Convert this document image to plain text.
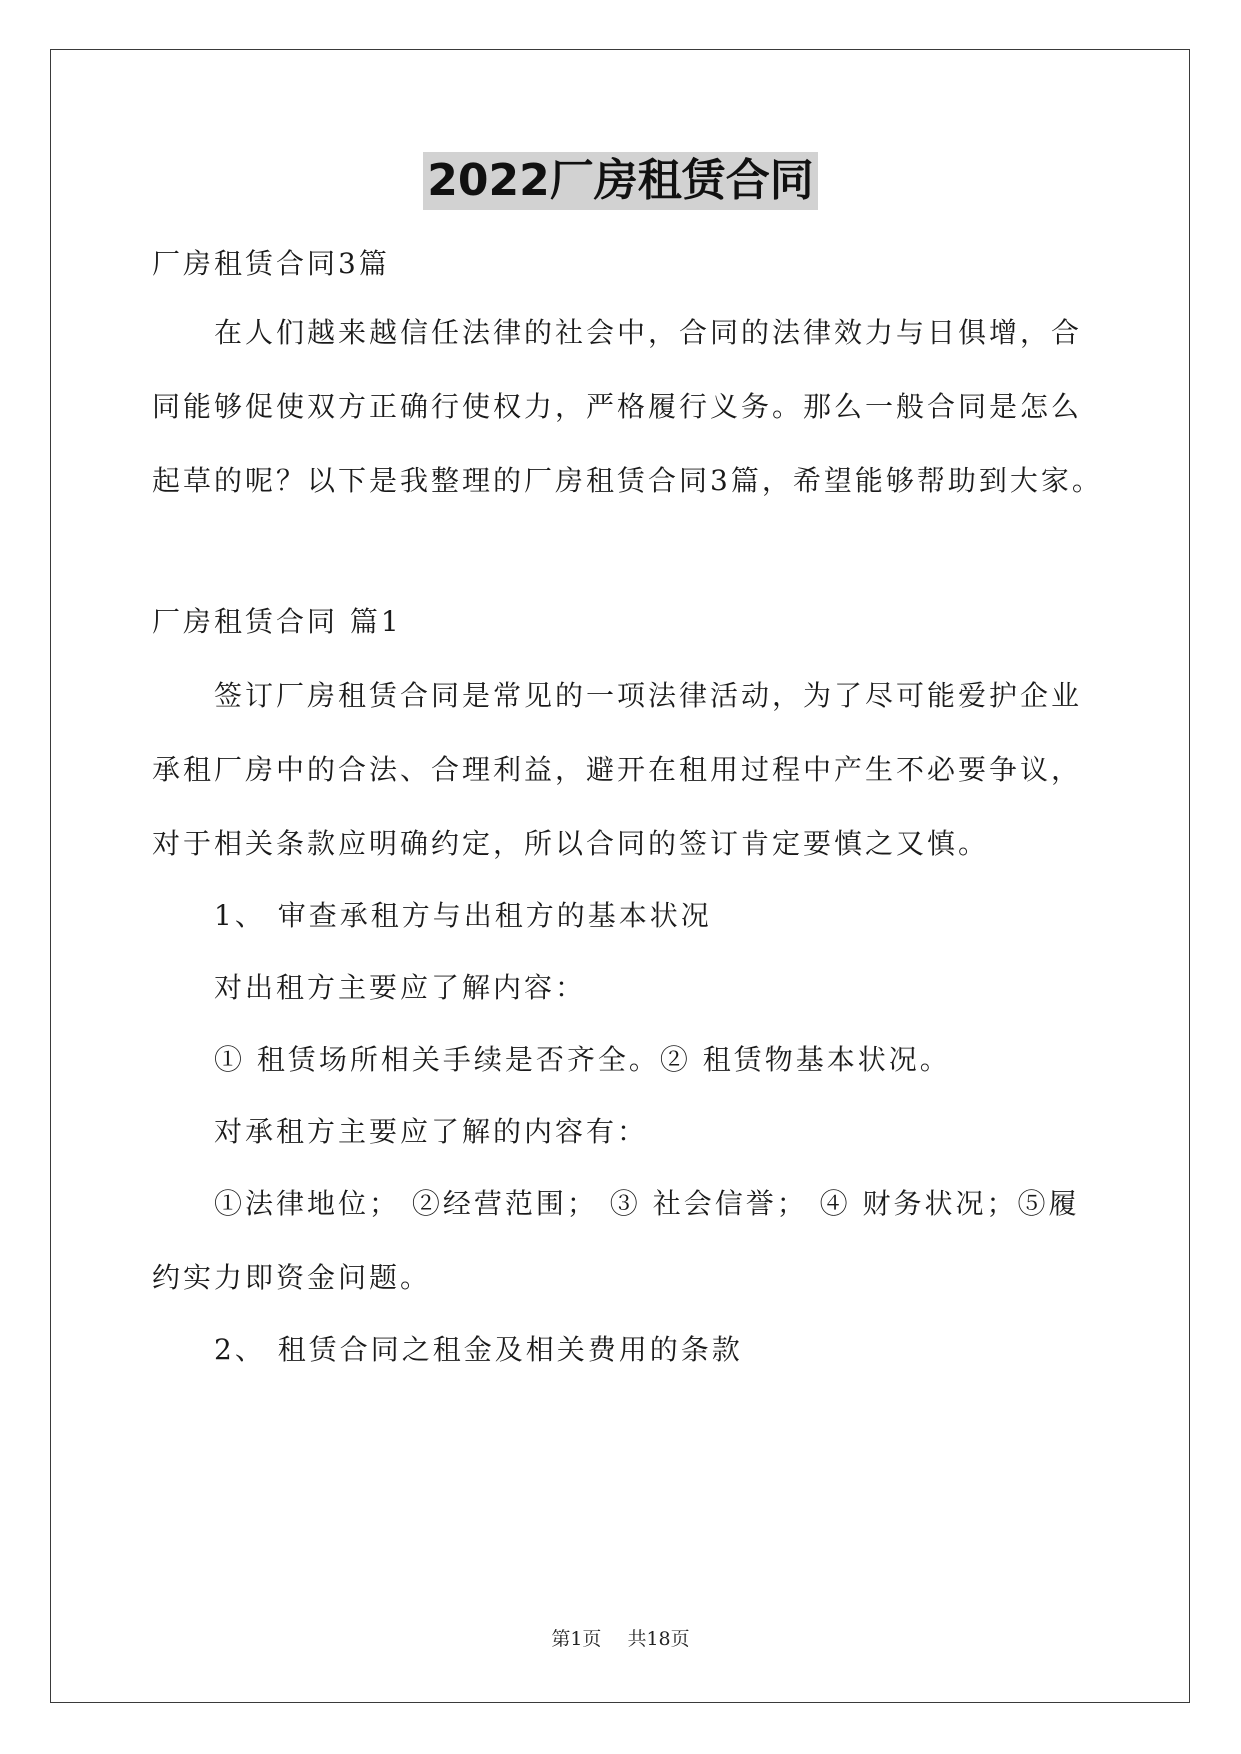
2022厂房租赁合同
厂房租赁合同3篇
在人们越来越信任法律的社会中，合同的法律效力与日俱增，合
同能够促使双方正确行使权力，严格履行义务。那么一般合同是怎么
起草的呢？以下是我整理的厂房租赁合同3篇，希望能够帮助到大家。
厂房租赁合同 篇1
签订厂房租赁合同是常见的一项法律活动，为了尽可能爱护企业
承租厂房中的合法、合理利益，避开在租用过程中产生不必要争议，
对于相关条款应明确约定，所以合同的签订肯定要慎之又慎。
1、 审查承租方与出租方的基本状况
对出租方主要应了解内容：
① 租赁场所相关手续是否齐全。② 租赁物基本状况。
对承租方主要应了解的内容有：
①法律地位； ②经营范围； ③ 社会信誉； ④ 财务状况；⑤履
约实力即资金问题。
2、 租赁合同之租金及相关费用的条款
第1页 共18页
